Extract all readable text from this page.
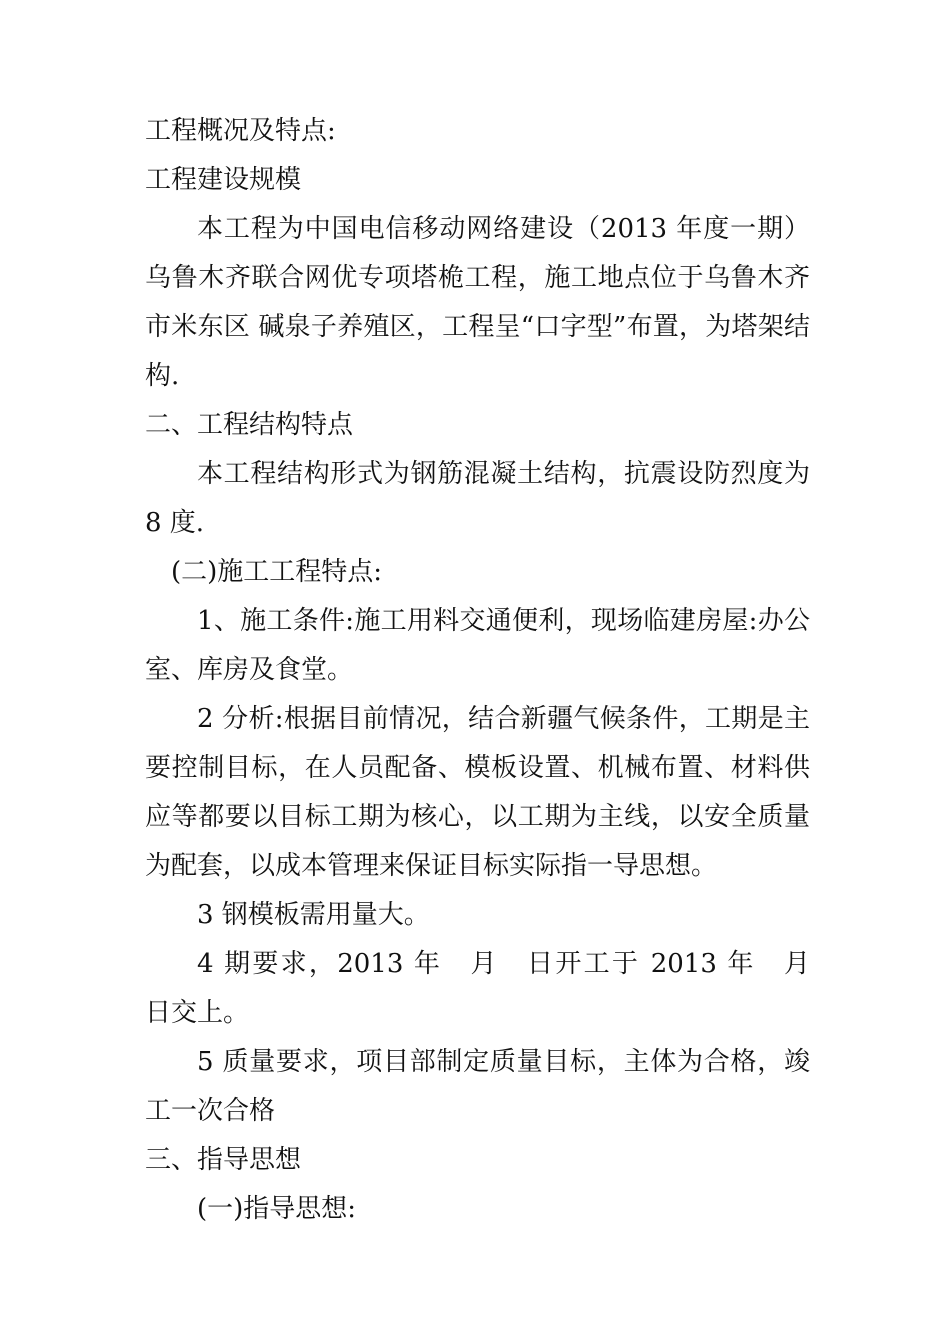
工程概况及特点:

工程建设规模

本工程为中国电信移动网络建设（2013 年度一期）乌鲁木齐联合网优专项塔桅工程，施工地点位于乌鲁木齐市米东区 碱泉子养殖区，工程呈“口字型”布置，为塔架结构.

二、工程结构特点

本工程结构形式为钢筋混凝土结构，抗震设防烈度为 8 度.

(二)施工工程特点:

1、施工条件:施工用料交通便利，现场临建房屋:办公室、库房及食堂。

2 分析:根据目前情况，结合新疆气候条件，工期是主要控制目标，在人员配备、模板设置、机械布置、材料供应等都要以目标工期为核心，以工期为主线，以安全质量为配套，以成本管理来保证目标实际指一导思想。

3 钢模板需用量大。

4 期要求，2013 年　月　日开工于 2013 年　月　日交上。

5 质量要求，项目部制定质量目标，主体为合格，竣工一次合格

三、指导思想

(一)指导思想:
